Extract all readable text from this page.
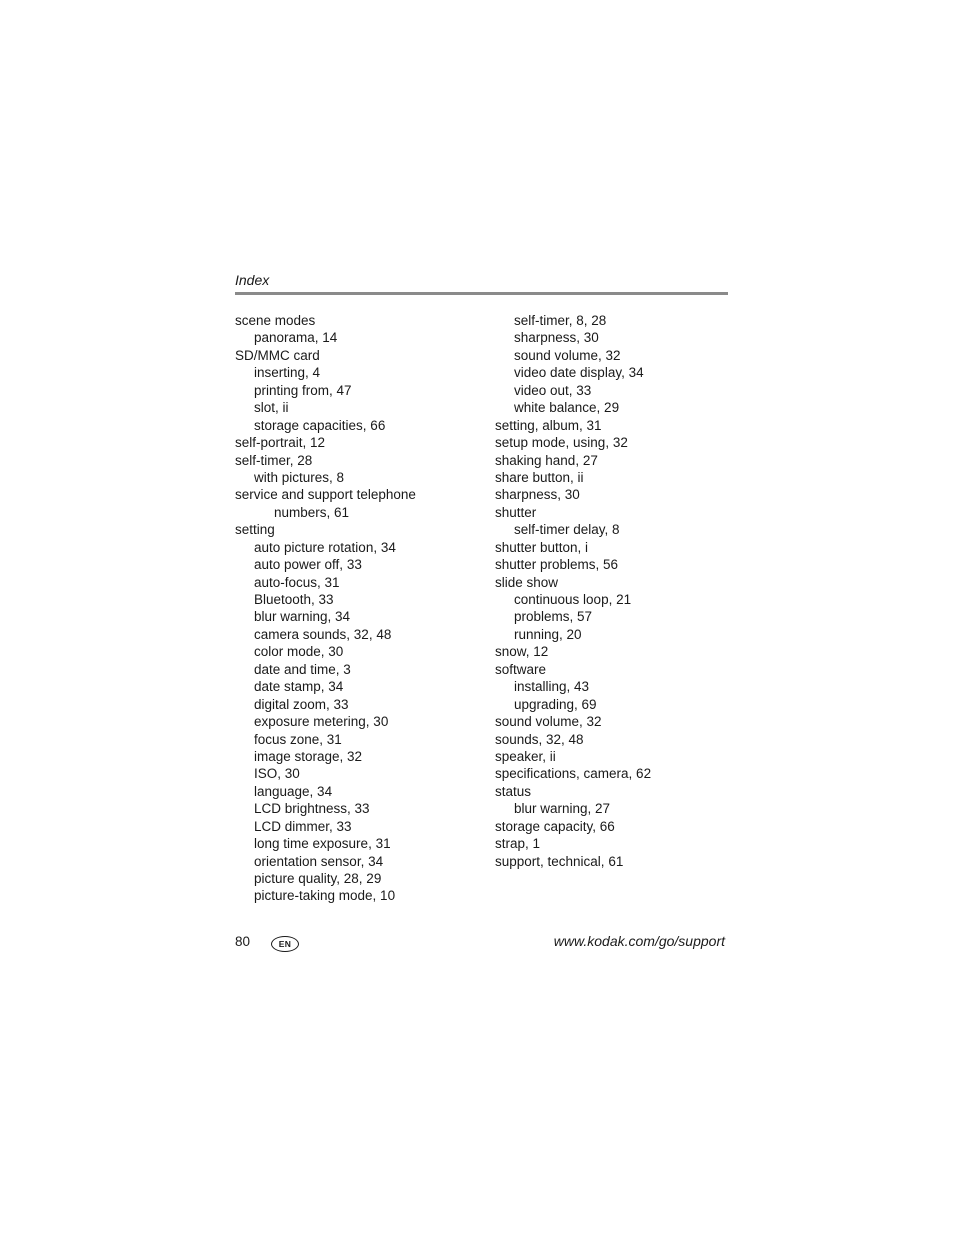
Index
scene modes
panorama, 14
SD/MMC card
inserting, 4
printing from, 47
slot, ii
storage capacities, 66
self-portrait, 12
self-timer, 28
with pictures, 8
service and support telephone
numbers, 61
setting
auto picture rotation, 34
auto power off, 33
auto-focus, 31
Bluetooth, 33
blur warning, 34
camera sounds, 32, 48
color mode, 30
date and time, 3
date stamp, 34
digital zoom, 33
exposure metering, 30
focus zone, 31
image storage, 32
ISO, 30
language, 34
LCD brightness, 33
LCD dimmer, 33
long time exposure, 31
orientation sensor, 34
picture quality, 28, 29
picture-taking mode, 10
self-timer, 8, 28
sharpness, 30
sound volume, 32
video date display, 34
video out, 33
white balance, 29
setting, album, 31
setup mode, using, 32
shaking hand, 27
share button, ii
sharpness, 30
shutter
self-timer delay, 8
shutter button, i
shutter problems, 56
slide show
continuous loop, 21
problems, 57
running, 20
snow, 12
software
installing, 43
upgrading, 69
sound volume, 32
sounds, 32, 48
speaker, ii
specifications, camera, 62
status
blur warning, 27
storage capacity, 66
strap, 1
support, technical, 61
80	EN	www.kodak.com/go/support
